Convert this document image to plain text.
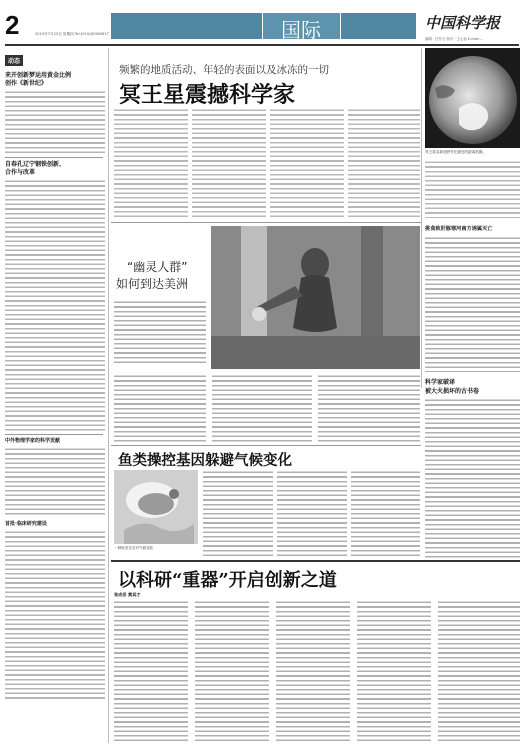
2	2015年7月23日 星期四 Tel:(010)62580617	国际	中国科学报
编辑：任芳言 校对：王心怡 E-mail:...
动态
来开创新梦运用黄金比例
创作《新世纪》
自春孔辽宁钢铁创新、
合作与改革
中外物理学家的科学贡献
首批·临床研究建设
频繁的地质活动、年轻的表面以及冰冻的一切
冥王星震撼科学家
冥王星由新视野号在最近的距离拍摄。
“幽灵人群”
如何到达美洲
挑食致肝豚寒河南方诱属灭亡
科学家破译
被大火损坏的古书卷
鱼类操控基因躲避气候变化
一种鱼类在应对气候变化
以科研“重器”开启创新之道
张成岳 黄其才
